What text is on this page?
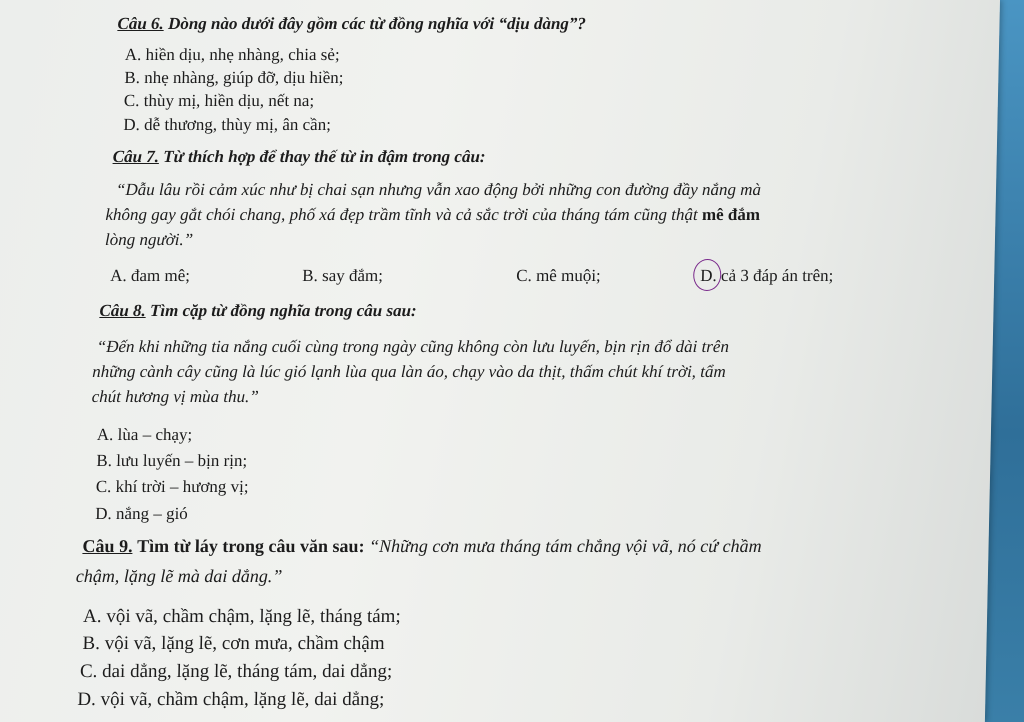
Câu 6. Dòng nào dưới đây gồm các từ đồng nghĩa với “dịu dàng”?
A. hiền dịu, nhẹ nhàng, chia sẻ;
B. nhẹ nhàng, giúp đỡ, dịu hiền;
C. thùy mị, hiền dịu, nết na;
D. dễ thương, thùy mị, ân cần;
Câu 7. Từ thích hợp để thay thế từ in đậm trong câu:
“Dẫu lâu rồi cảm xúc như bị chai sạn nhưng vẫn xao động bởi những con đường đầy nắng mà
không gay gắt chói chang, phố xá đẹp trầm tĩnh và cả sắc trời của tháng tám cũng thật mê đắm
lòng người.”
A. đam mê;	B. say đắm;	C. mê muội;	D. cả 3 đáp án trên;
Câu 8. Tìm cặp từ đồng nghĩa trong câu sau:
“Đến khi những tia nắng cuối cùng trong ngày cũng không còn lưu luyến, bịn rịn đổ dài trên
những cành cây cũng là lúc gió lạnh lùa qua làn áo, chạy vào da thịt, thấm chút khí trời, tẩm
chút hương vị mùa thu.”
A. lùa – chạy;
B. lưu luyến – bịn rịn;
C. khí trời – hương vị;
D. nắng – gió
Câu 9. Tìm từ láy trong câu văn sau: “Những cơn mưa tháng tám chẳng vội vã, nó cứ chầm
chậm, lặng lẽ mà dai dẳng.”
A. vội vã, chầm chậm, lặng lẽ, tháng tám;
B. vội vã, lặng lẽ, cơn mưa, chầm chậm
C. dai dẳng, lặng lẽ, tháng tám, dai dẳng;
D. vội vã, chầm chậm, lặng lẽ, dai dẳng;
